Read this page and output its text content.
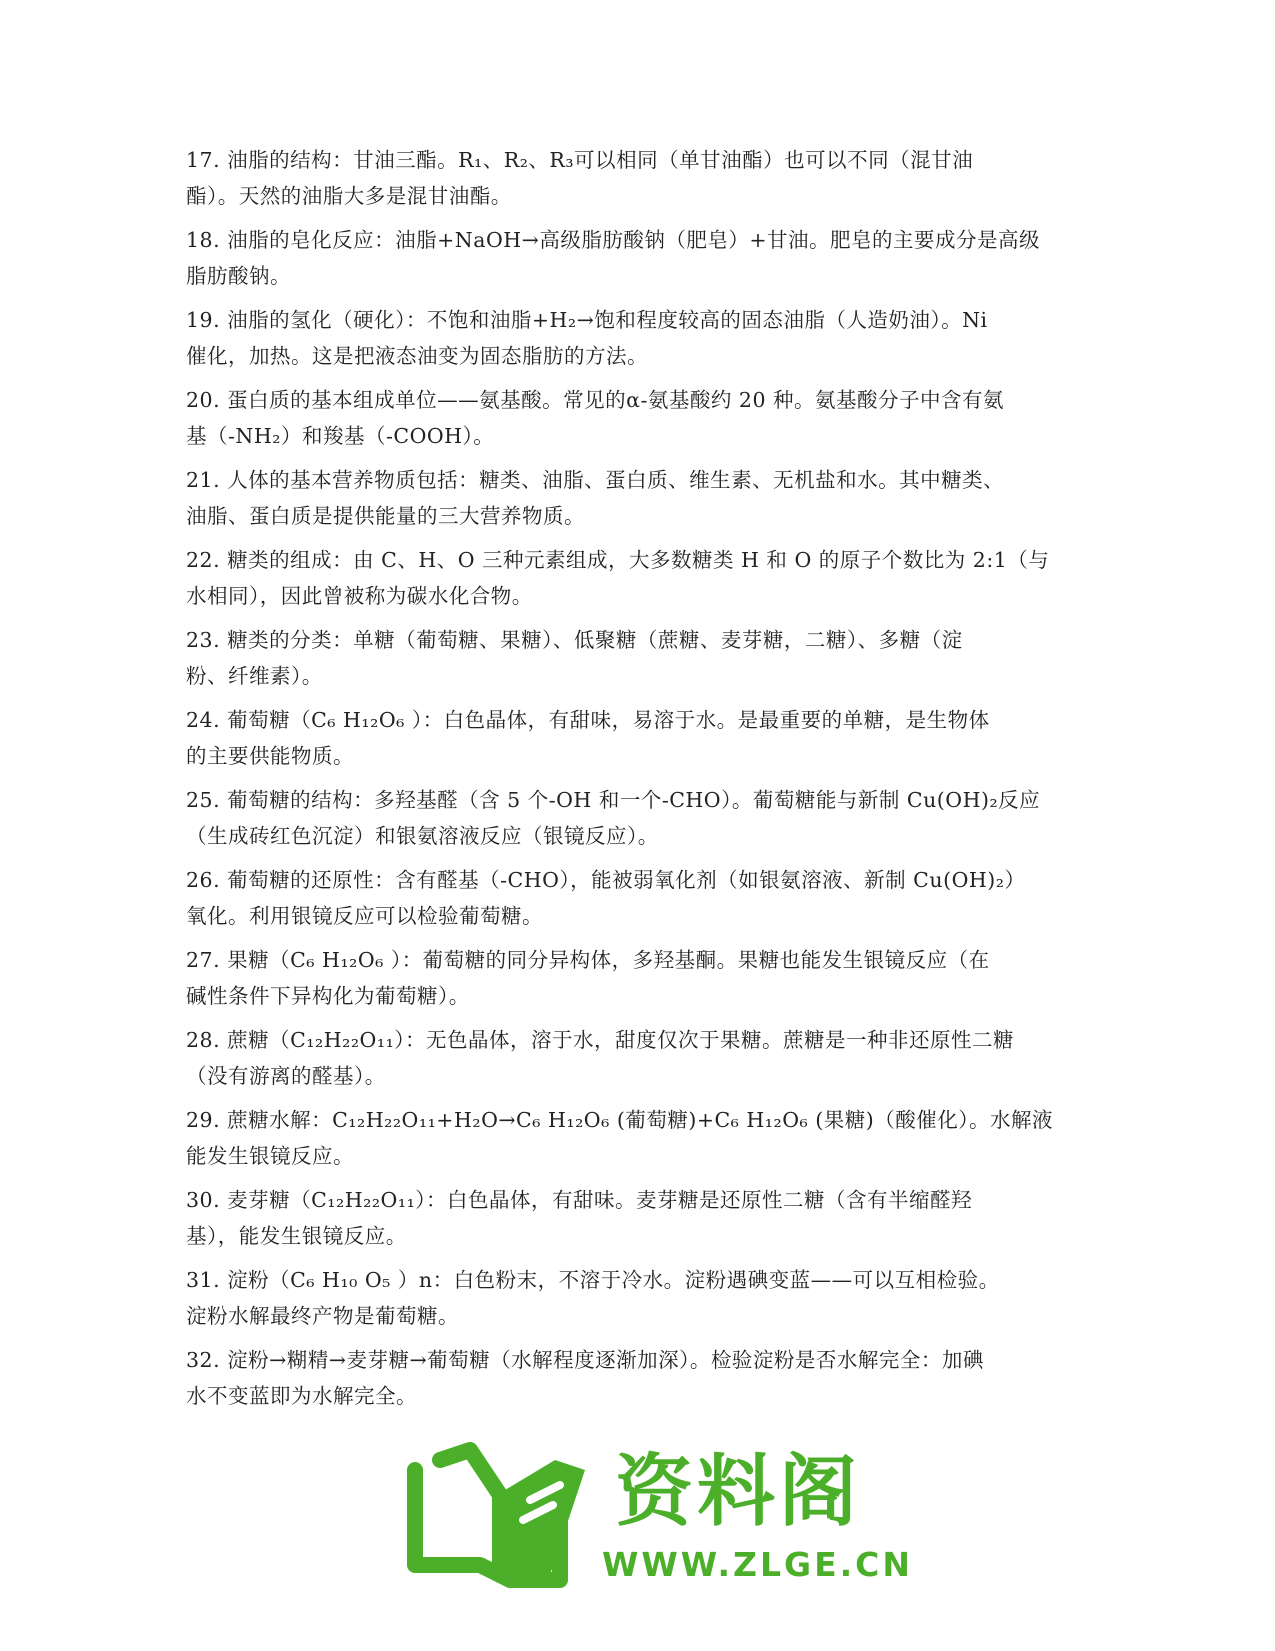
17. 油脂的结构：甘油三酯。R₁、R₂、R₃可以相同（单甘油酯）也可以不同（混甘油
酯）。天然的油脂大多是混甘油酯。

18. 油脂的皂化反应：油脂+NaOH→高级脂肪酸钠（肥皂）+甘油。肥皂的主要成分是高级
脂肪酸钠。

19. 油脂的氢化（硬化）：不饱和油脂+H₂→饱和程度较高的固态油脂（人造奶油）。Ni
催化，加热。这是把液态油变为固态脂肪的方法。

20. 蛋白质的基本组成单位——氨基酸。常见的α-氨基酸约 20 种。氨基酸分子中含有氨
基（-NH₂）和羧基（-COOH）。

21. 人体的基本营养物质包括：糖类、油脂、蛋白质、维生素、无机盐和水。其中糖类、
油脂、蛋白质是提供能量的三大营养物质。

22. 糖类的组成：由 C、H、O 三种元素组成，大多数糖类 H 和 O 的原子个数比为 2:1（与
水相同），因此曾被称为碳水化合物。

23. 糖类的分类：单糖（葡萄糖、果糖）、低聚糖（蔗糖、麦芽糖，二糖）、多糖（淀
粉、纤维素）。

24. 葡萄糖（C₆ H₁₂O₆ ）：白色晶体，有甜味，易溶于水。是最重要的单糖，是生物体
的主要供能物质。

25. 葡萄糖的结构：多羟基醛（含 5 个-OH 和一个-CHO）。葡萄糖能与新制 Cu(OH)₂反应
（生成砖红色沉淀）和银氨溶液反应（银镜反应）。

26. 葡萄糖的还原性：含有醛基（-CHO），能被弱氧化剂（如银氨溶液、新制 Cu(OH)₂）
氧化。利用银镜反应可以检验葡萄糖。

27. 果糖（C₆ H₁₂O₆ ）：葡萄糖的同分异构体，多羟基酮。果糖也能发生银镜反应（在
碱性条件下异构化为葡萄糖）。

28. 蔗糖（C₁₂H₂₂O₁₁）：无色晶体，溶于水，甜度仅次于果糖。蔗糖是一种非还原性二糖
（没有游离的醛基）。

29. 蔗糖水解：C₁₂H₂₂O₁₁+H₂O→C₆ H₁₂O₆ (葡萄糖)+C₆ H₁₂O₆ (果糖)（酸催化）。水解液
能发生银镜反应。

30. 麦芽糖（C₁₂H₂₂O₁₁）：白色晶体，有甜味。麦芽糖是还原性二糖（含有半缩醛羟
基），能发生银镜反应。

31. 淀粉（C₆ H₁₀ O₅ ）n：白色粉末，不溶于冷水。淀粉遇碘变蓝——可以互相检验。
淀粉水解最终产物是葡萄糖。

32. 淀粉→糊精→麦芽糖→葡萄糖（水解程度逐渐加深）。检验淀粉是否水解完全：加碘
水不变蓝即为水解完全。

资料阁
WWW.ZLGE.CN
